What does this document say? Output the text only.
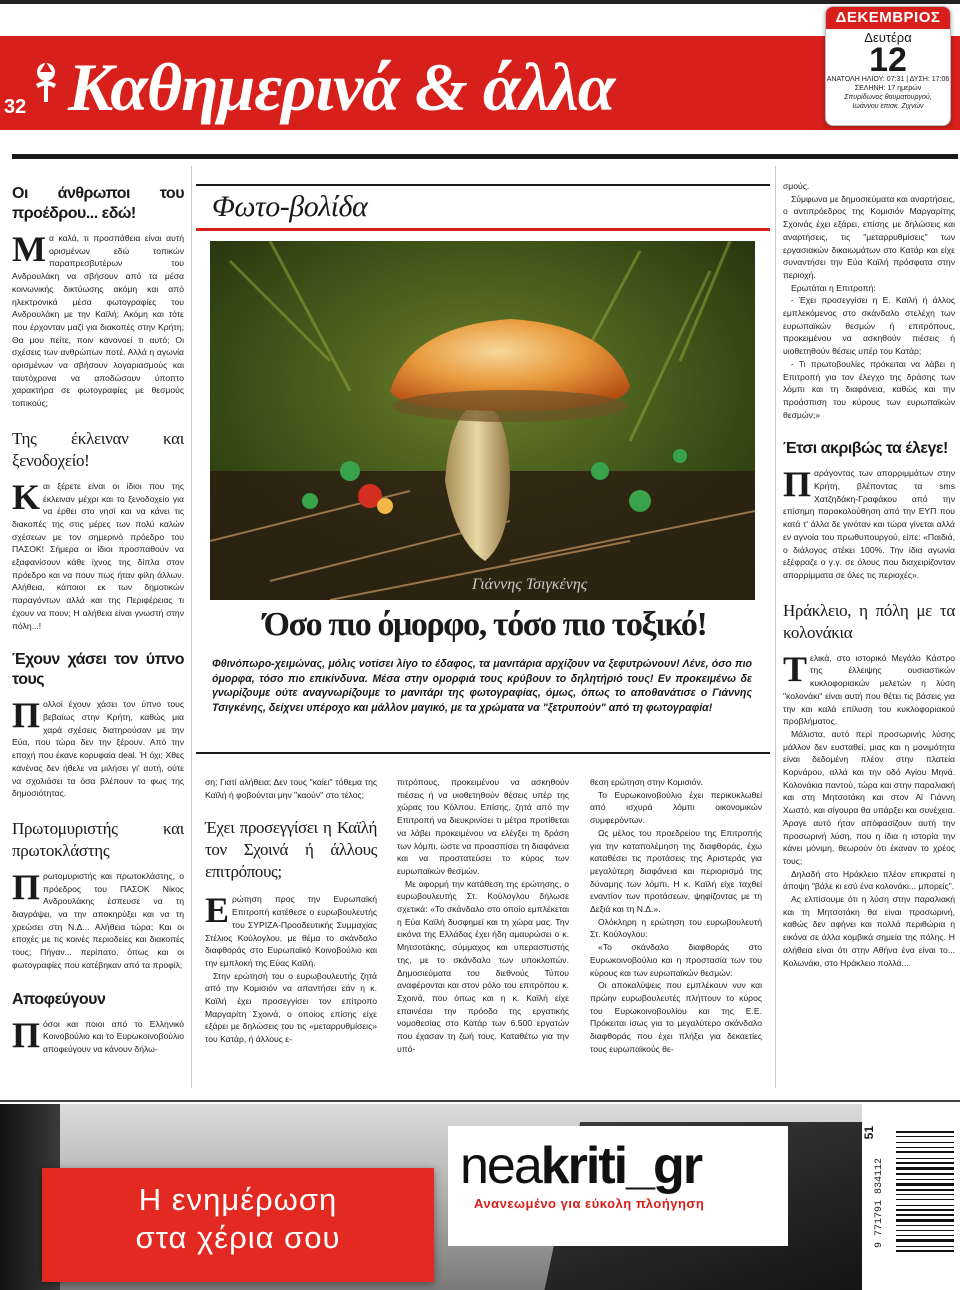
32 Καθημερινά & άλλα
ΔΕΚΕΜΒΡΙΟΣ
Δευτέρα
12
ΑΝΑΤΟΛΗ ΗΛΙΟΥ: 07:31 | ΔΥΣΗ: 17:06
ΣΕΛΗΝΗ: 17 ημερών
Σπυρίδωνος θαυματουργού,
Ιωάννου επισκ. Ζιχνών
Οι άνθρωποι του προέδρου... εδώ!
Μ α καλά, τι προσπάθεια είναι αυτή ορισμένων εδώ τοπικών παραπρεσβυτέρων του Ανδρουλάκη να σβήσουν από τα μέσα κοινωνικής δικτύωσης ακόμη και από ηλεκτρονικά μέσα φωτογραφίες του Ανδρουλάκη με την Καϊλή; Ακόμη και τότε που έρχονταν μαζί για διακοπές στην Κρήτη; Θα μου πείτε, ποιν κανονοεί τι αυτό; Οι σχέσεις των ανθρώπων ποτέ. Αλλά η αγωνία ορισμένων να σβήσουν λογαριασμούς και ταυτόχρονα να αποδώσουν ύποπτο χαρακτήρα σε φωτογραφίες με θεσμούς τοπικούς;

Της έκλειναν και ξενοδοχείο!
Κ αι ξέρετε είναι οι ίδιοι που της έκλειναν μέχρι και το ξενοδοχείο για να έρθει στο νησί και να κάνει τις διακοπές της στις μέρες των πολύ καλών σχέσεων με τον σημερινό πρόεδρο του ΠΑΣΟΚ! Σήμερα οι ίδιοι προσπαθούν να εξαφανίσουν κάθε ίχνος της δίπλα στον πρόεδρο και να πουν πως ήταν φίλη άλλων. Αλήθεια, κάποιοι εκ των δημοτικών παραγόντων αλλά και της Περιφέρειας τι έχουν να πουν; Η αλήθεια είναι γνωστή στην πόλη...!

Έχουν χάσει τον ύπνο τους
Π ολλοί έχουν χάσει τον ύπνο τους βεβαίως στην Κρήτη, καθώς μια χαρά σχέσεις διατηρούσαν με την Εύα, που τώρα δεν την ξέρουν. Από την εποχή που έκανε κορυφαία deal. Ή όχι; Χθες κανένας δεν ήθελε να μιλήσει γι' αυτή, ούτε να σχολιάσει τα όσα βλέπουν το φως της δημοσιότητας.

Πρωτομυριστής και πρωτοκλάστης
Π ρωτομυριστής και πρωτοκλάστης, ο πρόεδρος του ΠΑΣΟΚ Νίκος Ανδρουλάκης έσπευσε να τη διαγράψει, να την αποκηρύξει και να τη χρεώσει στη Ν.Δ... Αλήθεια τώρα; Και οι εποχές με τις κοινές περιοδείες και διακοπές τους; Πήγαν... περίπατο, όπως και οι φωτογραφίες που κατέβηκαν από τα προφίλ;

Αποφεύγουν
Π όσοι και ποιοι από το Ελληνικό Κοινοβούλιο και το Ευρωκοινοβούλιο αποφεύγουν να κάνουν δήλω-

Φωτο-βολίδα
Γιάννης Τσιγκένης
Όσο πιο όμορφο, τόσο πιο τοξικό!
Φθινόπωρο-χειμώνας, μόλις νοτίσει λίγο το έδαφος, τα μανιτάρια αρχίζουν να ξεφυτρώνουν! Λένε, όσο πιο όμορφα, τόσο πιο επικίνδυνα. Μέσα στην ομορφιά τους κρύβουν το δηλητήριό τους! Εν προκειμένω δε γνωρίζουμε ούτε αναγνωρίζουμε το μανιτάρι της φωτογραφίας, όμως, όπως το αποθανάτισε ο Γιάννης Τσιγκένης, δείχνει υπέροχο και μάλλον μαγικό, με τα χρώματα να "ξετρυπούν" από τη φωτογραφία!

ση; Γιατί αλήθεια; Δεν τους "καίει" τόθεμα της Καϊλή ή φοβούνται μην "καούν" στο τέλος;

Έχει προσεγγίσει η Καϊλή τον Σχοινά ή άλλους επιτρόπους;
Ε ρώτηση προς την Ευρωπαϊκή Επιτροπή κατέθεσε ο ευρωβουλευτής του ΣΥΡΙΖΑ-Προοδευτικής Συμμαχίας Στέλιος Κούλογλου, με θέμα το σκάνδαλο διαφθοράς στο Ευρωπαϊκό Κοινοβούλιο και την εμπλοκή της Εύας Καϊλή.

Στην ερώτησή του ο ευρωβουλευτής ζητά από την Κομισιόν να απαντήσει εάν η κ. Καϊλή έχει προσεγγίσει τον επίτροπο Μαργαρίτη Σχοινά, ο οποίος επίσης είχε εξάρει με δηλώσεις του τις «μεταρρυθμίσεις» του Κατάρ, ή άλλους ε-

πιτρόπους, προκειμένου να ασκηθούν πιέσεις ή να υιοθετηθούν θέσεις υπέρ της χώρας του Κόλπου. Επίσης, ζητά από την Επιτροπή να διευκρινίσει τι μέτρα προτίθεται να λάβει προκειμένου να ελέγξει τη δράση των λόμπι, ώστε να προασπίσει τη διαφάνεια και να προστατεύσει το κύρος των ευρωπαϊκών θεσμών.

Με αφορμή την κατάθεση της ερώτησης, ο ευρωβουλευτής Στ. Κούλογλου δήλωσε σχετικά: «Το σκάνδαλο στο οποίο εμπλέκεται η Εύα Καϊλή δυσφημεί και τη χώρα μας. Την εικόνα της Ελλάδας έχει ήδη αμαυρώσει ο κ. Μητσοτάκης, σύμμαχος και υπερασπιστής της, με το σκάνδαλο των υποκλοπών. Δημοσιεύματα του διεθνούς Τύπου αναφέρονται και στον ρόλο του επιτρόπου κ. Σχοινά, που όπως και η κ. Καϊλή είχε επαινέσει την πρόοδο της εργατικής νομοθεσίας στο Κατάρ των 6.500 εργατών που έχασαν τη ζωή τους. Καταθέτω για την υπό-

θεση ερώτηση στην Κομισιόν.

Το Ευρωκοινοβούλιο έχει περικυκλωθεί από ισχυρά λόμπι οικονομικών συμφερόντων.

Ως μέλος του προεδρείου της Επιτροπής για την καταπολέμηση της διαφθοράς, έχω καταθέσει τις προτάσεις της Αριστεράς για μεγαλύτερη διαφάνεια και περιορισμό της δύναμης των λόμπι. Η κ. Καϊλή είχε ταχθεί εναντίον των προτάσεων, ψηφίζοντας με τη Δεξιά και τη Ν.Δ.».

Ολόκληρη η ερώτηση του ευρωβουλευτή Στ. Κούλογλου:

«Το σκάνδαλο διαφθοράς στο Ευρωκοινοβούλιο και η προστασία των του κύρους και των ευρωπαϊκών θεσμών:

Οι αποκαλύψεις που εμπλέκουν νυν και πρώην ευρωβουλευτές πλήττουν το κύρος του Ευρωκοινοβουλίου και της Ε.Ε. Πρόκειται ίσως για το μεγαλύτερο σκάνδαλο διαφθοράς που έχει πλήξει για δεκαετίες τους ευρωπαϊκούς θε-

σμούς.

Σύμφωνα με δημοσιεύματα και αναρτήσεις, ο αντιπρόεδρος της Κομισιόν Μαργαρίτης Σχοινάς έχει εξάρει, επίσης με δηλώσεις και αναρτήσεις, τις "μεταρρυθμίσεις" των εργασιακών δικαιωμάτων στο Κατάρ και είχε συναντήσει την Εύα Καϊλή πρόσφατα στην περιοχή.

Ερωτάται η Επιτροπή:

- Έχει προσεγγίσει η Ε. Καϊλή ή άλλος εμπλεκόμενος στο σκάνδαλο στελέχη των ευρωπαϊκών θεσμών ή επιτρόπους, προκειμένου να ασκηθούν πιέσεις ή υιοθετηθούν θέσεις υπέρ του Κατάρ;

- Τι πρωτοβουλίες πρόκειται να λάβει η Επιτροπή για τον έλεγχο της δράσης των λόμπι και τη διαφάνεια, καθώς και την προάσπιση του κύρους των ευρωπαϊκών θεσμών;»

Έτσι ακριβώς τα έλεγε!
Π αράγοντας των απορριμμάτων στην Κρήτη, βλέποντας τα sms Χατζηδάκη-Γραφάκου από την επίσημη παρακολούθηση από την ΕΥΠ που κατά τ' άλλα δε γινόταν και τώρα γίνεται αλλά εν αγνοία του πρωθυπουργού, είπε: «Παιδιά, ο διάλογος στέκει 100%. Την ίδια αγωνία εξέφραζε ο γ.γ. σε όλους που διαχειρίζονταν απορρίμματα σε όλες τις περιοχές».

Ηράκλειο, η πόλη με τα κολονάκια
Τ ελικά, στο ιστορικό Μεγάλο Κάστρο της έλλειψης ουσιαστικών κυκλοφοριακών μελετών η λύση "κολονάκι" είναι αυτή που θέτει τις βάσεις για την και καλά επίλυση του κυκλοφοριακού προβλήματος.

Μάλιστα, αυτό περί προσωρινής λύσης μάλλον δεν ευσταθεί, μιας και η μονιμότητα είναι δεδομένη πλέον στην πλατεία Κορνάρου, αλλά και την οδό Αγίου Μηνά. Κολονάκια παντού, τώρα και στην παραλιακή και στη Μητσοτάκη και στον Αϊ Γιάννη Χωστό, και σίγουρα θα υπάρξει και συνέχεια. Άραγε αυτό ήταν απόφασίζουν αυτή την προσωρινή λύση, που η ίδια η ιστορία την κάνει μόνιμη, θεωρούν ότι έκαναν το χρέος τους;

Δηλαδή στο Ηράκλειο πλέον επικρατεί η άποψη "βάλε κι εσύ ένα κολονάκι... μπορείς".

Ας ελπίσουμε ότι η λύση στην παραλιακή και τη Μητσοτάκη θα είναι προσωρινή, καθώς δεν αφήνει και πολλά περιθώρια η εικόνα σε άλλα κομβικά σημεία της πόλης. Η αλήθεια είναι ότι στην Αθήνα ένα είναι το... Κολωνάκι, στο Ηράκλειο πολλά...

neakriti_gr
Ανανεωμένο για εύκολη πλοήγηση
Η ενημέρωση
στα χέρια σου	9 771791 834112
51
